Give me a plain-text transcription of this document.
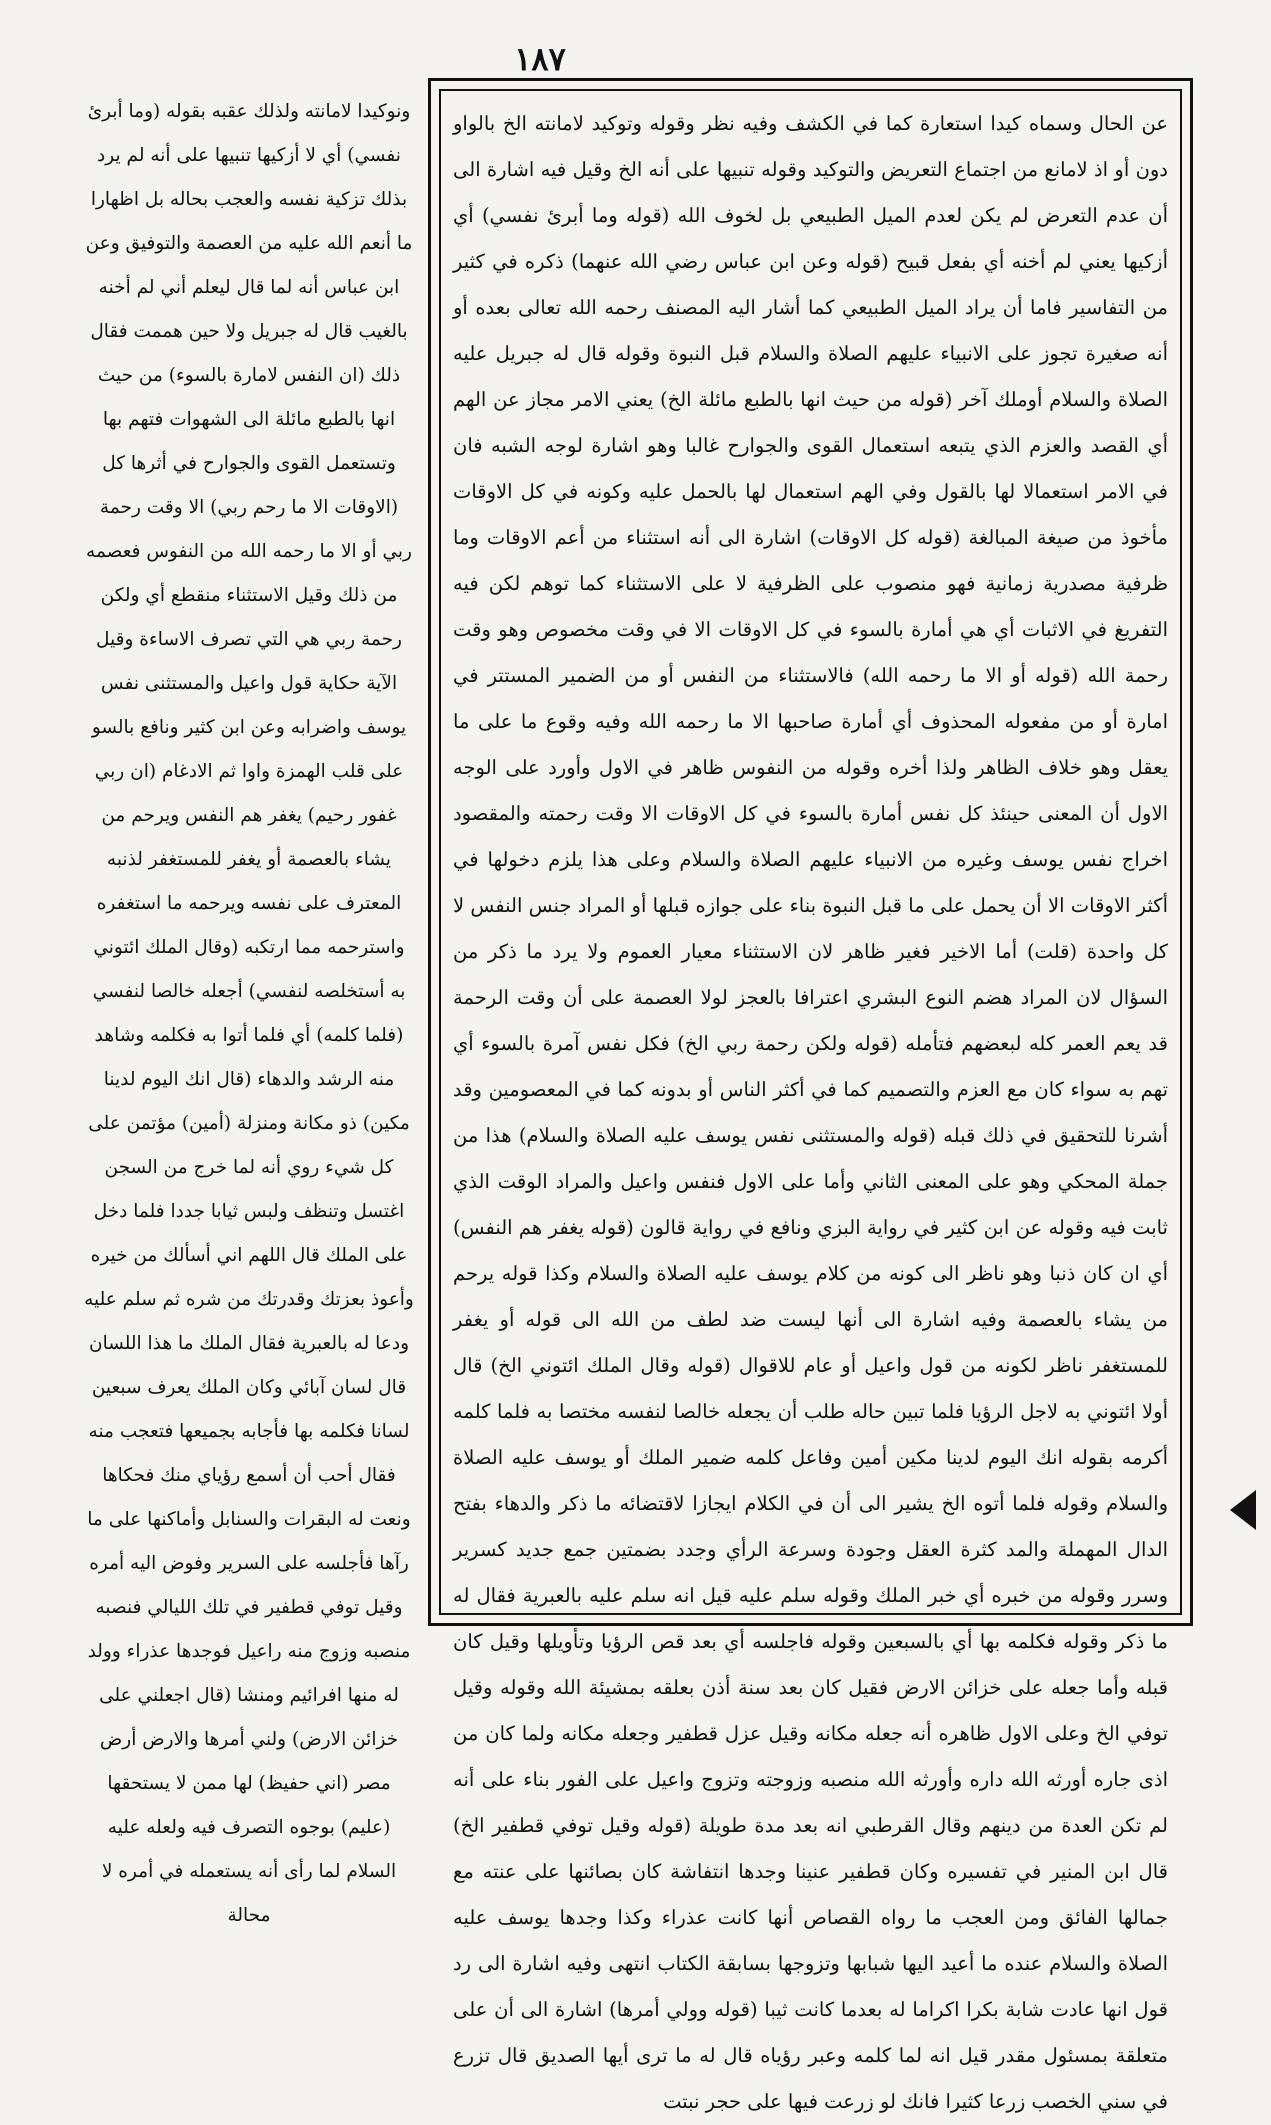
١٨٧

عن الحال وسماه كيدا استعارة كما في الكشف وفيه نظر وقوله وتوكيد لامانته الخ بالواو دون أو اذ لامانع من اجتماع التعريض والتوكيد وقوله تنبيها على أنه الخ وقيل فيه اشارة الى أن عدم التعرض لم يكن لعدم الميل الطبيعي بل لخوف الله (قوله وما أبرئ نفسي) أي أزكيها يعني لم أخنه أي بفعل قبيح (قوله وعن ابن عباس رضي الله عنهما) ذكره في كثير من التفاسير فاما أن يراد الميل الطبيعي كما أشار اليه المصنف رحمه الله تعالى بعده أو أنه صغيرة تجوز على الانبياء عليهم الصلاة والسلام قبل النبوة وقوله قال له جبريل عليه الصلاة والسلام أوملك آخر (قوله من حيث انها بالطبع مائلة الخ) يعني الامر مجاز عن الهم أي القصد والعزم الذي يتبعه استعمال القوى والجوارح غالبا وهو اشارة لوجه الشبه فان في الامر استعمالا لها بالقول وفي الهم استعمال لها بالحمل عليه وكونه في كل الاوقات مأخوذ من صيغة المبالغة (قوله كل الاوقات) اشارة الى أنه استثناء من أعم الاوقات وما ظرفية مصدرية زمانية فهو منصوب على الظرفية لا على الاستثناء كما توهم لكن فيه التفريغ في الاثبات أي هي أمارة بالسوء في كل الاوقات الا في وقت مخصوص وهو وقت رحمة الله (قوله أو الا ما رحمه الله) فالاستثناء من النفس أو من الضمير المستتر في امارة أو من مفعوله المحذوف أي أمارة صاحبها الا ما رحمه الله وفيه وقوع ما على ما يعقل وهو خلاف الظاهر ولذا أخره وقوله من النفوس ظاهر في الاول وأورد على الوجه الاول أن المعنى حينئذ كل نفس أمارة بالسوء في كل الاوقات الا وقت رحمته والمقصود اخراج نفس يوسف وغيره من الانبياء عليهم الصلاة والسلام وعلى هذا يلزم دخولها في أكثر الاوقات الا أن يحمل على ما قبل النبوة بناء على جوازه قبلها أو المراد جنس النفس لا كل واحدة (قلت) أما الاخير فغير ظاهر لان الاستثناء معيار العموم ولا يرد ما ذكر من السؤال لان المراد هضم النوع البشري اعترافا بالعجز لولا العصمة على أن وقت الرحمة قد يعم العمر كله لبعضهم فتأمله (قوله ولكن رحمة ربي الخ) فكل نفس آمرة بالسوء أي تهم به سواء كان مع العزم والتصميم كما في أكثر الناس أو بدونه كما في المعصومين وقد أشرنا للتحقيق في ذلك قبله (قوله والمستثنى نفس يوسف عليه الصلاة والسلام) هذا من جملة المحكي وهو على المعنى الثاني وأما على الاول فنفس واعيل والمراد الوقت الذي ثابت فيه وقوله عن ابن كثير في رواية البزي ونافع في رواية قالون (قوله يغفر هم النفس) أي ان كان ذنبا وهو ناظر الى كونه من كلام يوسف عليه الصلاة والسلام وكذا قوله يرحم من يشاء بالعصمة وفيه اشارة الى أنها ليست ضد لطف من الله الى قوله أو يغفر للمستغفر ناظر لكونه من قول واعيل أو عام للاقوال (قوله وقال الملك ائتوني الخ) قال أولا ائتوني به لاجل الرؤيا فلما تبين حاله طلب أن يجعله خالصا لنفسه مختصا به فلما كلمه أكرمه بقوله انك اليوم لدينا مكين أمين وفاعل كلمه ضمير الملك أو يوسف عليه الصلاة والسلام وقوله فلما أتوه الخ يشير الى أن في الكلام ايجازا لاقتضائه ما ذكر والدهاء بفتح الدال المهملة والمد كثرة العقل وجودة وسرعة الرأي وجدد بضمتين جمع جديد كسرير وسرر وقوله من خبره أي خبر الملك وقوله سلم عليه قيل انه سلم عليه بالعبرية فقال له ما ذكر وقوله فكلمه بها أي بالسبعين وقوله فاجلسه أي بعد قص الرؤيا وتأويلها وقيل كان قبله وأما جعله على خزائن الارض فقيل كان بعد سنة أذن بعلقه بمشيئة الله وقوله وقيل توفي الخ وعلى الاول ظاهره أنه جعله مكانه وقيل عزل قطفير وجعله مكانه ولما كان من اذى جاره أورثه الله داره وأورثه الله منصبه وزوجته وتزوج واعيل على الفور بناء على أنه لم تكن العدة من دينهم وقال القرطبي انه بعد مدة طويلة (قوله وقيل توفي قطفير الخ) قال ابن المنير في تفسيره وكان قطفير عنينا وجدها انتفاشة كان بصائنها على عنته مع جمالها الفائق ومن العجب ما رواه القصاص أنها كانت عذراء وكذا وجدها يوسف عليه الصلاة والسلام عنده ما أعيد اليها شبابها وتزوجها بسابقة الكتاب انتهى وفيه اشارة الى رد قول انها عادت شابة بكرا اكراما له بعدما كانت ثيبا (قوله وولي أمرها) اشارة الى أن على متعلقة بمسئول مقدر قيل انه لما كلمه وعبر رؤياه قال له ما ترى أيها الصديق قال تزرع في سني الخصب زرعا كثيرا فانك لو زرعت فيها على حجر نبتت

ونوكيدا لامانته ولذلك عقبه بقوله (وما أبرئ نفسي) أي لا أزكيها تنبيها على أنه لم يرد بذلك تزكية نفسه والعجب بحاله بل اظهارا ما أنعم الله عليه من العصمة والتوفيق وعن ابن عباس أنه لما قال ليعلم أني لم أخنه بالغيب قال له جبريل ولا حين هممت فقال ذلك (ان النفس لامارة بالسوء) من حيث انها بالطبع مائلة الى الشهوات فتهم بها وتستعمل القوى والجوارح في أثرها كل (الاوقات الا ما رحم ربي) الا وقت رحمة ربي أو الا ما رحمه الله من النفوس فعصمه من ذلك وقيل الاستثناء منقطع أي ولكن رحمة ربي هي التي تصرف الاساءة وقيل الآية حكاية قول واعيل والمستثنى نفس يوسف واضرابه وعن ابن كثير ونافع بالسو على قلب الهمزة واوا ثم الادغام (ان ربي غفور رحيم) يغفر هم النفس ويرحم من يشاء بالعصمة أو يغفر للمستغفر لذنبه المعترف على نفسه ويرحمه ما استغفره واسترحمه مما ارتكبه (وقال الملك ائتوني به أستخلصه لنفسي) أجعله خالصا لنفسي (فلما كلمه) أي فلما أتوا به فكلمه وشاهد منه الرشد والدهاء (قال انك اليوم لدينا مكين) ذو مكانة ومنزلة (أمين) مؤتمن على كل شيء روي أنه لما خرج من السجن اغتسل وتنظف ولبس ثيابا جددا فلما دخل على الملك قال اللهم اني أسألك من خيره وأعوذ بعزتك وقدرتك من شره ثم سلم عليه ودعا له بالعبرية فقال الملك ما هذا اللسان قال لسان آبائي وكان الملك يعرف سبعين لسانا فكلمه بها فأجابه بجميعها فتعجب منه فقال أحب أن أسمع رؤياي منك فحكاها ونعت له البقرات والسنابل وأماكنها على ما رآها فأجلسه على السرير وفوض اليه أمره وقيل توفي قطفير في تلك الليالي فنصبه منصبه وزوج منه راعيل فوجدها عذراء وولد له منها افرائيم ومنشا (قال اجعلني على خزائن الارض) ولني أمرها والارض أرض مصر (اني حفيظ) لها ممن لا يستحقها (عليم) بوجوه التصرف فيه ولعله عليه السلام لما رأى أنه يستعمله في أمره لا محالة
